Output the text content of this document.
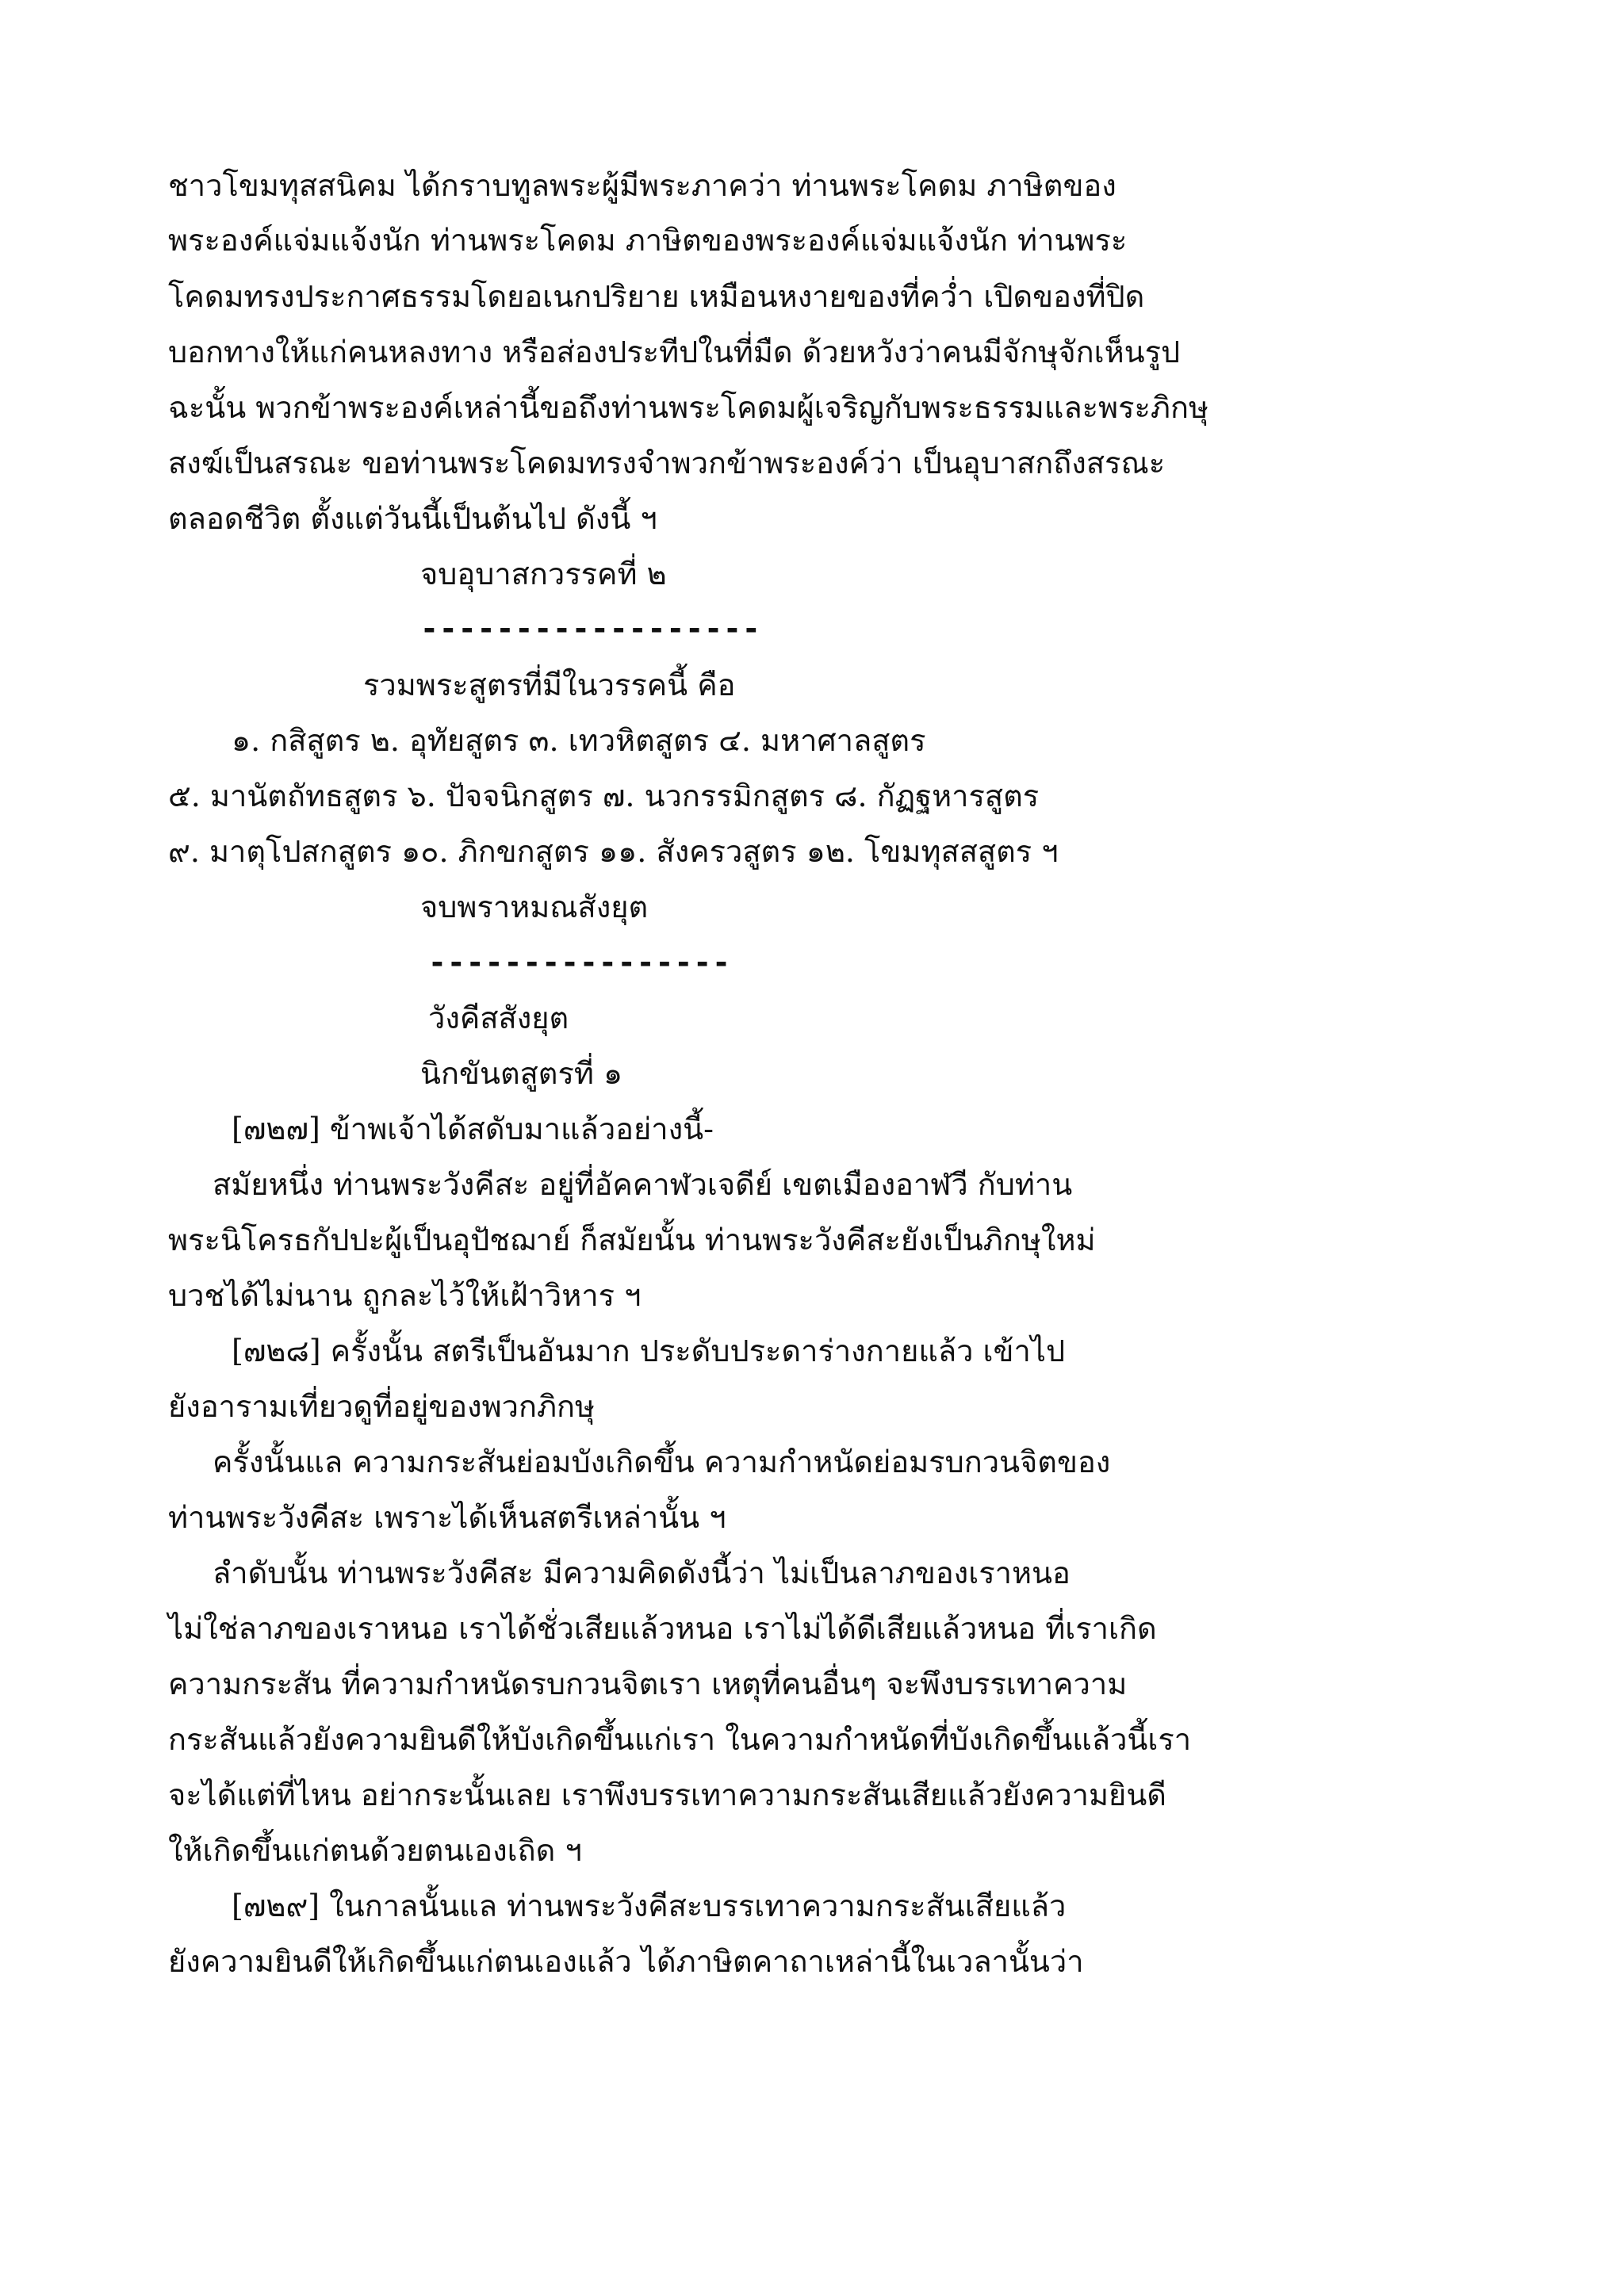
ชาวโขมทุสสนิคม ได้กราบทูลพระผู้มีพระภาคว่า ท่านพระโคดม ภาษิตของ
พระองค์แจ่มแจ้งนัก ท่านพระโคดม ภาษิตของพระองค์แจ่มแจ้งนัก ท่านพระ
โคดมทรงประกาศธรรมโดยอเนกปริยาย เหมือนหงายของที่คว่ำ เปิดของที่ปิด
บอกทางให้แก่คนหลงทาง หรือส่องประทีปในที่มืด ด้วยหวังว่าคนมีจักษุจักเห็นรูป
ฉะนั้น พวกข้าพระองค์เหล่านี้ขอถึงท่านพระโคดมผู้เจริญกับพระธรรมและพระภิกษุ
สงฆ์เป็นสรณะ ขอท่านพระโคดมทรงจำพวกข้าพระองค์ว่า เป็นอุบาสกถึงสรณะ
ตลอดชีวิต ตั้งแต่วันนี้เป็นต้นไป ดังนี้ ฯ
จบอุบาสกวรรคที่ ๒
------------------
รวมพระสูตรที่มีในวรรคนี้ คือ
๑. กสิสูตร ๒. อุทัยสูตร ๓. เทวหิตสูตร ๔. มหาศาลสูตร
๕. มานัตถัทธสูตร ๖. ปัจจนิกสูตร ๗. นวกรรมิกสูตร ๘. กัฏฐหารสูตร
๙. มาตุโปสกสูตร ๑๐. ภิกขกสูตร ๑๑. สังครวสูตร ๑๒. โขมทุสสสูตร ฯ
จบพราหมณสังยุต
----------------
วังคีสสังยุต
นิกขันตสูตรที่ ๑
[๗๒๗] ข้าพเจ้าได้สดับมาแล้วอย่างนี้-
สมัยหนึ่ง ท่านพระวังคีสะ อยู่ที่อัคคาฬวเจดีย์ เขตเมืองอาฬวี กับท่าน
พระนิโครธกัปปะผู้เป็นอุปัชฌาย์ ก็สมัยนั้น ท่านพระวังคีสะยังเป็นภิกษุใหม่
บวชได้ไม่นาน ถูกละไว้ให้เฝ้าวิหาร ฯ
[๗๒๘] ครั้งนั้น สตรีเป็นอันมาก ประดับประดาร่างกายแล้ว เข้าไป
ยังอารามเที่ยวดูที่อยู่ของพวกภิกษุ
ครั้งนั้นแล ความกระสันย่อมบังเกิดขึ้น ความกำหนัดย่อมรบกวนจิตของ
ท่านพระวังคีสะ เพราะได้เห็นสตรีเหล่านั้น ฯ
ลำดับนั้น ท่านพระวังคีสะ มีความคิดดังนี้ว่า ไม่เป็นลาภของเราหนอ
ไม่ใช่ลาภของเราหนอ เราได้ชั่วเสียแล้วหนอ เราไม่ได้ดีเสียแล้วหนอ ที่เราเกิด
ความกระสัน ที่ความกำหนัดรบกวนจิตเรา เหตุที่คนอื่นๆ จะพึงบรรเทาความ
กระสันแล้วยังความยินดีให้บังเกิดขึ้นแก่เรา ในความกำหนัดที่บังเกิดขึ้นแล้วนี้เรา
จะได้แต่ที่ไหน อย่ากระนั้นเลย เราพึงบรรเทาความกระสันเสียแล้วยังความยินดี
ให้เกิดขึ้นแก่ตนด้วยตนเองเถิด ฯ
[๗๒๙] ในกาลนั้นแล ท่านพระวังคีสะบรรเทาความกระสันเสียแล้ว
ยังความยินดีให้เกิดขึ้นแก่ตนเองแล้ว ได้ภาษิตคาถาเหล่านี้ในเวลานั้นว่า
